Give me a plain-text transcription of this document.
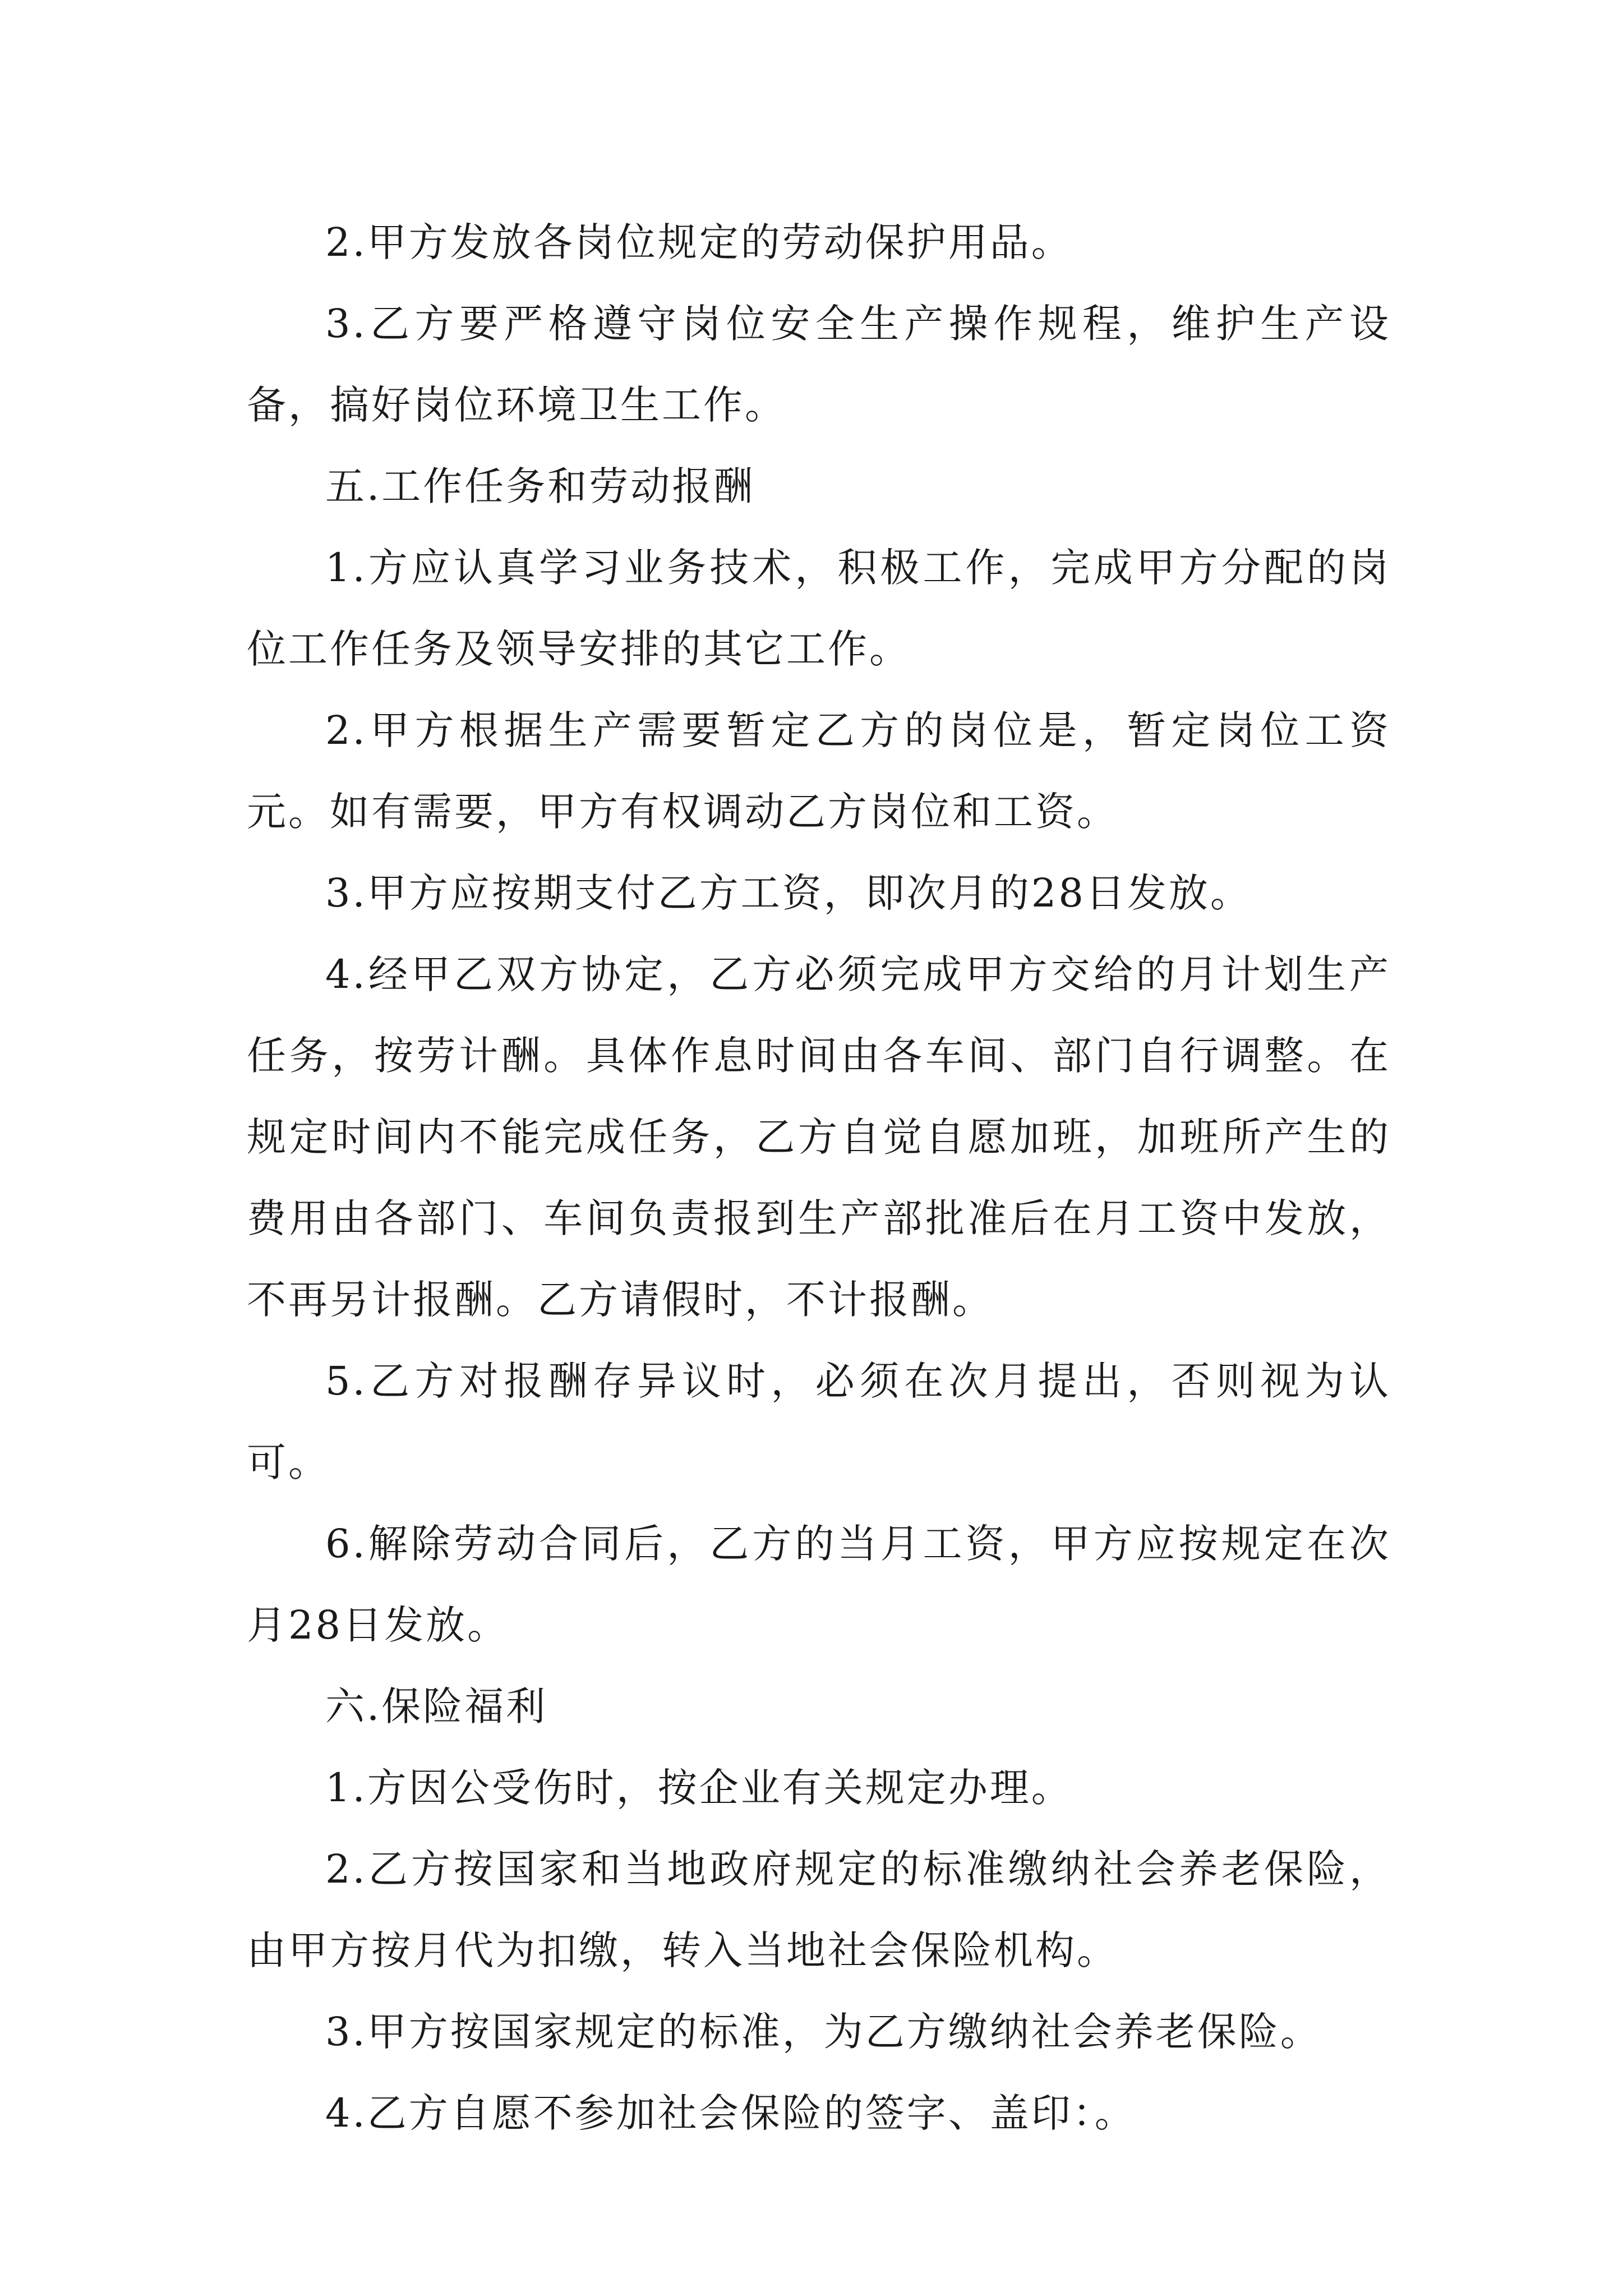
2.甲方发放各岗位规定的劳动保护用品。

3.乙方要严格遵守岗位安全生产操作规程，维护生产设备，搞好岗位环境卫生工作。

五.工作任务和劳动报酬

1.方应认真学习业务技术，积极工作，完成甲方分配的岗位工作任务及领导安排的其它工作。

2.甲方根据生产需要暂定乙方的岗位是，暂定岗位工资元。如有需要，甲方有权调动乙方岗位和工资。

3.甲方应按期支付乙方工资，即次月的28日发放。

4.经甲乙双方协定，乙方必须完成甲方交给的月计划生产任务，按劳计酬。具体作息时间由各车间、部门自行调整。在规定时间内不能完成任务，乙方自觉自愿加班，加班所产生的费用由各部门、车间负责报到生产部批准后在月工资中发放，不再另计报酬。乙方请假时，不计报酬。

5.乙方对报酬存异议时，必须在次月提出，否则视为认可。

6.解除劳动合同后，乙方的当月工资，甲方应按规定在次月28日发放。

六.保险福利

1.方因公受伤时，按企业有关规定办理。

2.乙方按国家和当地政府规定的标准缴纳社会养老保险，由甲方按月代为扣缴，转入当地社会保险机构。

3.甲方按国家规定的标准，为乙方缴纳社会养老保险。

4.乙方自愿不参加社会保险的签字、盖印：。
